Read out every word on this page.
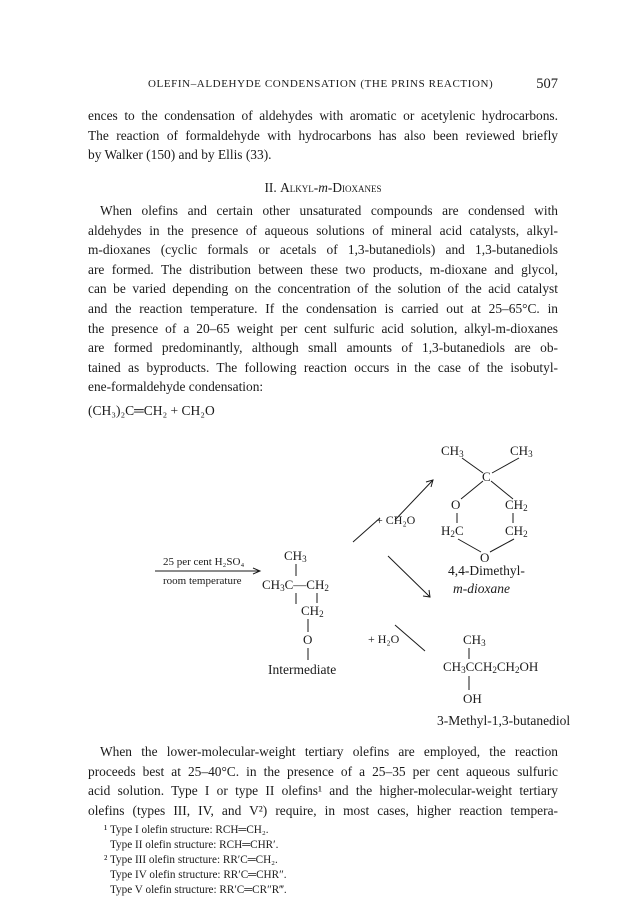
OLEFIN–ALDEHYDE CONDENSATION (THE PRINS REACTION)	507
ences to the condensation of aldehydes with aromatic or acetylenic hydrocarbons.
The reaction of formaldehyde with hydrocarbons has also been reviewed briefly
by Walker (150) and by Ellis (33).
II. Alkyl-m-Dioxanes
When olefins and certain other unsaturated compounds are condensed with
aldehydes in the presence of aqueous solutions of mineral acid catalysts, alkyl-
m-dioxanes (cyclic formals or acetals of 1,3-butanediols) and 1,3-butanediols
are formed. The distribution between these two products, m-dioxane and glycol,
can be varied depending on the concentration of the solution of the acid catalyst
and the reaction temperature. If the condensation is carried out at 25–65°C. in
the presence of a 20–65 weight per cent sulfuric acid solution, alkyl-m-dioxanes
are formed predominantly, although small amounts of 1,3-butanediols are ob-
tained as byproducts. The following reaction occurs in the case of the isobutyl-
ene-formaldehyde condensation:
(CH₃)₂C═CH₂ + CH₂O
$CH_3$	$CH_3$
C
O	$CH_2$
$H_2C$	$CH_2$
O
+ CH₂O
$CH_3$
$CH_3C—CH_2$
$CH_2$
O
Intermediate
25 per cent H₂SO₄
room temperature
4,4-Dimethyl-
m-dioxane
+ H₂O	$CH_3$
$CH_3CCH_2CH_2OH$
OH
3-Methyl-1,3-butanediol
When the lower-molecular-weight tertiary olefins are employed, the reaction
proceeds best at 25–40°C. in the presence of a 25–35 per cent aqueous sulfuric
acid solution. Type I or type II olefins¹ and the higher-molecular-weight tertiary
olefins (types III, IV, and V²) require, in most cases, higher reaction tempera-
¹ Type I olefin structure: RCH═CH₂.
Type II olefin structure: RCH═CHR′.
² Type III olefin structure: RR′C═CH₂.
Type IV olefin structure: RR′C═CHR″.
Type V olefin structure: RR′C═CR″R‴.
